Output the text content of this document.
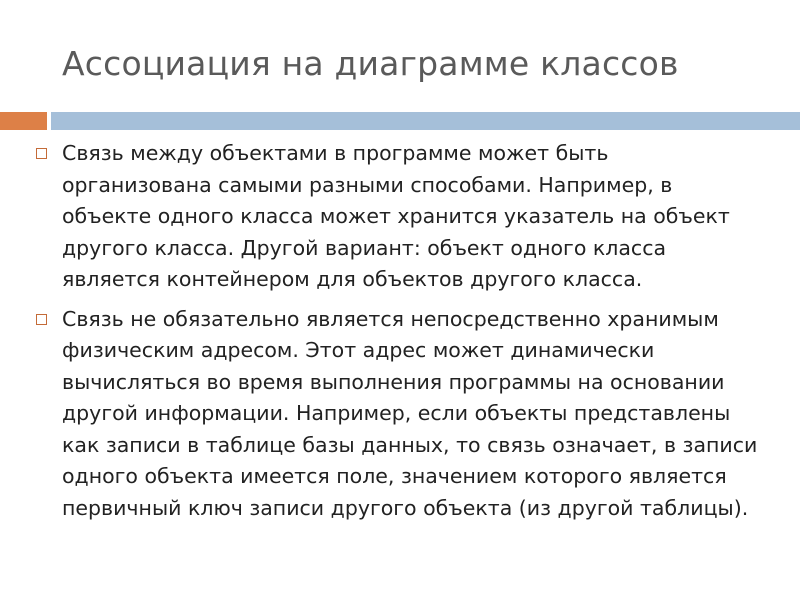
Ассоциация на диаграмме классов
Связь между объектами в программе может быть организована самыми разными способами. Например, в объекте одного класса может хранится указатель на объект другого класса. Другой вариант: объект одного класса является контейнером для объектов другого класса.
Связь не обязательно является непосредственно хранимым физическим адресом. Этот адрес может динамически вычисляться во время выполнения программы на основании другой информации. Например, если объекты представлены как записи в таблице базы данных, то связь означает, в записи одного объекта имеется поле, значением которого является первичный ключ записи другого объекта (из другой таблицы).
